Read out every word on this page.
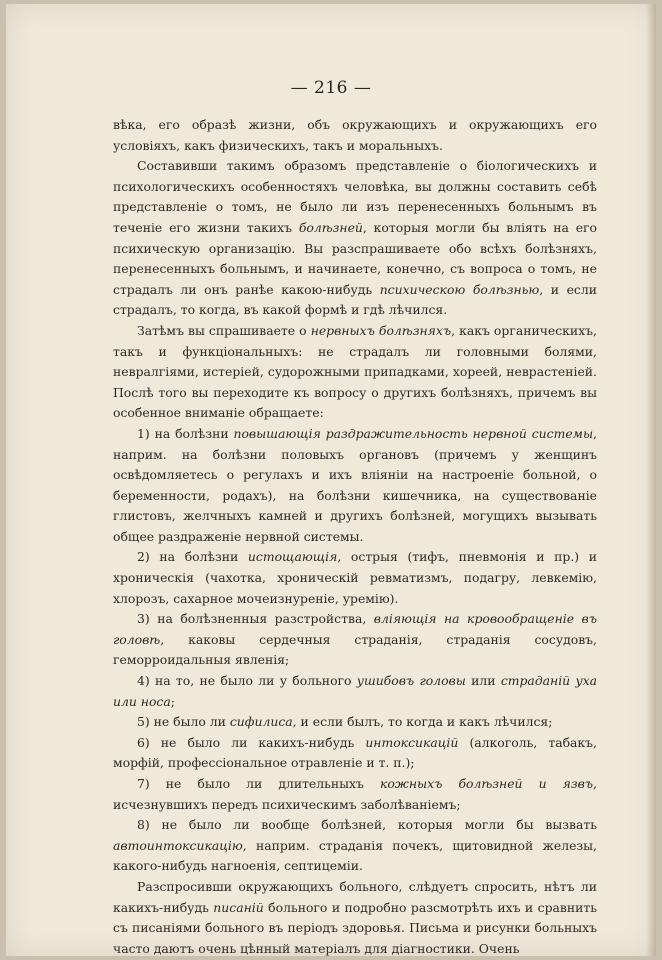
— 216 —

вѣка, его образѣ жизни, объ окружающихъ и окружающихъ его условіяхъ, какъ физическихъ, такъ и моральныхъ.

Составивши такимъ образомъ представленіе о біологическихъ и психологическихъ особенностяхъ человѣка, вы должны составить себѣ представленіе о томъ, не было ли изъ перенесенныхъ больнымъ въ теченіе его жизни такихъ болѣзней, которыя могли бы вліять на его психическую организацію. Вы разспрашиваете обо всѣхъ болѣзняхъ, перенесенныхъ больнымъ, и начинаете, конечно, съ вопроса о томъ, не страдалъ ли онъ ранѣе какою-нибудь психическою болѣзнью, и если страдалъ, то когда, въ какой формѣ и гдѣ лѣчился.

Затѣмъ вы спрашиваете о нервныхъ болѣзняхъ, какъ органическихъ, такъ и функціональныхъ: не страдалъ ли головными болями, невралгіями, истеріей, судорожными припадками, хореей, неврастеніей. Послѣ того вы переходите къ вопросу о другихъ болѣзняхъ, причемъ вы особенное вниманіе обращаете:

1) на болѣзни повышающія раздражительность нервной системы, наприм. на болѣзни половыхъ органовъ (причемъ у женщинъ освѣдомляетесь о регулахъ и ихъ вліяніи на настроеніе больной, о беременности, родахъ), на болѣзни кишечника, на существованіе глистовъ, желчныхъ камней и другихъ болѣзней, могущихъ вызывать общее раздраженіе нервной системы.

2) на болѣзни истощающія, острыя (тифъ, пневмонія и пр.) и хроническія (чахотка, хроническій ревматизмъ, подагру, левкемію, хлорозъ, сахарное мочеизнуреніе, уремію).

3) на болѣзненныя разстройства, вліяющія на кровообращеніе въ головѣ, каковы сердечныя страданія, страданія сосудовъ, геморроидальныя явленія;

4) на то, не было ли у больного ушибовъ головы или страданій уха или носа;

5) не было ли сифилиса, и если былъ, то когда и какъ лѣчился;

6) не было ли какихъ-нибудь интоксикацій (алкоголь, табакъ, морфій, профессіональное отравленіе и т. п.);

7) не было ли длительныхъ кожныхъ болѣзней и язвъ, исчезнувшихъ передъ психическимъ заболѣваніемъ;

8) не было ли вообще болѣзней, которыя могли бы вызвать автоинтоксикацію, наприм. страданія почекъ, щитовидной железы, какого-нибудь нагноенія, септицеміи.

Разспросивши окружающихъ больного, слѣдуетъ спросить, нѣтъ ли какихъ-нибудь писаній больного и подробно разсмотрѣть ихъ и сравнить съ писаніями больного въ періодъ здоровья. Письма и рисунки больныхъ часто даютъ очень цѣнный матеріалъ для діагностики. Очень
